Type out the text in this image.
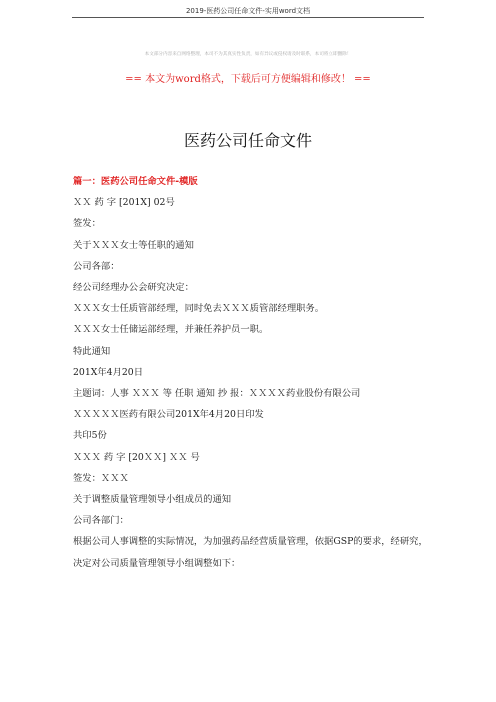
2019-医药公司任命文件-实用word文档
本文部分内容来自网络整理，本司不为其真实性负责，如有异议或侵权请及时联系，本司将立即删除！
== 本文为word格式，下载后可方便编辑和修改！ ==
医药公司任命文件

篇一：医药公司任命文件-模版

ＸＸ 药 字 [201X] 02号

签发：

关于ＸＸＸ女士等任职的通知

公司各部：

经公司经理办公会研究决定：

ＸＸＸ女士任质管部经理，同时免去ＸＸＸ质管部经理职务。

ＸＸＸ女士任储运部经理，并兼任养护员一职。

特此通知

201X年4月20日

主题词：人事 ＸＸＸ 等 任职 通知 抄 报：ＸＸＸＸ药业股份有限公司

ＸＸＸＸＸ医药有限公司201X年4月20日印发

共印5份

ＸＸＸ 药 字 [20ＸＸ] ＸＸ 号

签发：ＸＸＸ

关于调整质量管理领导小组成员的通知

公司各部门：

根据公司人事调整的实际情况，为加强药品经营质量管理，依据GSP的要求，经研究，决定对公司质量管理领导小组调整如下：
